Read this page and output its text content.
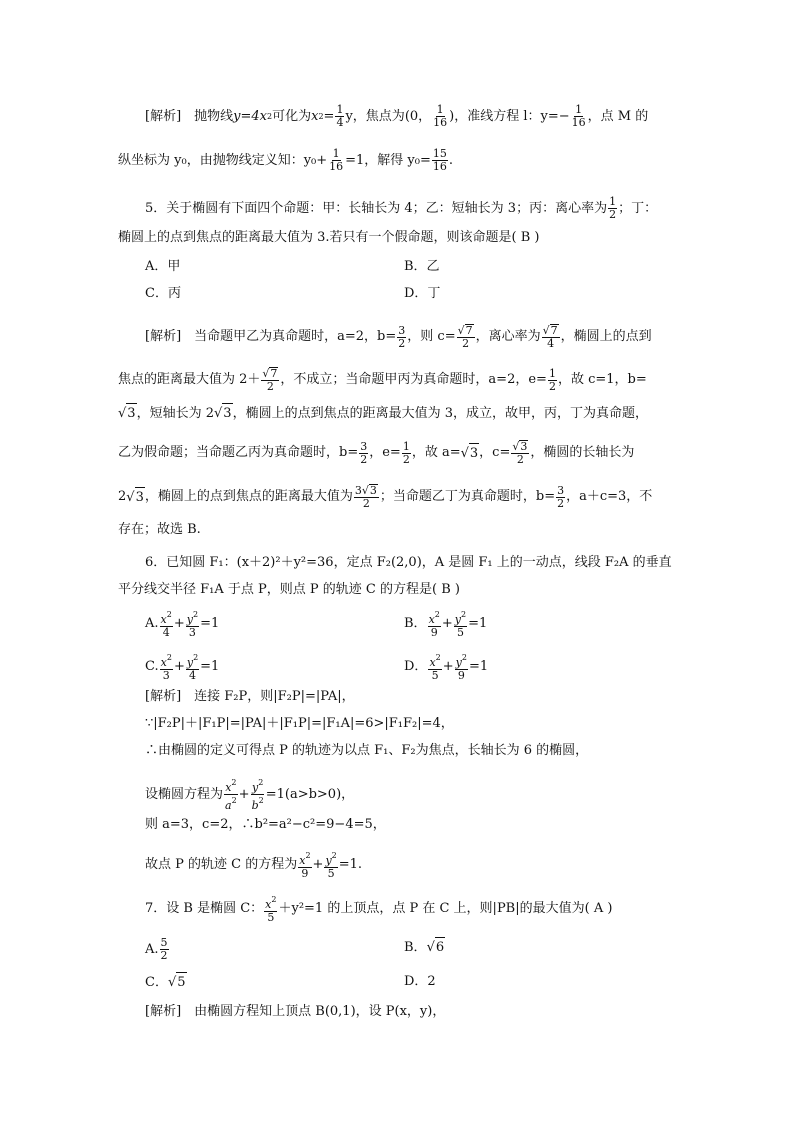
[解析]　抛物线 y=4x 2 可化为 x $2 = \frac{1}{4}$ y，焦点为 (0， $\frac{1}{16}$ ) ，准线方程 l：$y=- \frac{1}{16}$ ，点 M 的
纵坐标为 y₀，由抛物线定义知：$y_0+ \frac{1}{16} =1$，解得 $y_0= \frac{15}{16}$ .
5．关于椭圆有下面四个命题：甲：长轴长为 4；乙：短轴长为 3；丙：离心率为 $\frac{1}{2}$ ；丁：
椭圆上的点到焦点的距离最大值为 3.若只有一个假命题，则该命题是( B )
A．甲	B．乙
C．丙	D．丁
[解析]　当命题甲乙为真命题时，a=2，$b= \frac{3}{2}$ ，则 $c= \frac{√7}{2}$ ，离心率为 $\frac{√7}{4}$ ，椭圆上的点到
焦点的距离最大值为 $2+ \frac{√7}{2}$ ，不成立；当命题甲丙为真命题时，a=2，$e= \frac{1}{2}$ ，故 c=1，b=
√3 ，短轴长为 2 √3 ，椭圆上的点到焦点的距离最大值为 3，成立，故甲，丙，丁为真命题，
乙为假命题；当命题乙丙为真命题时，$b= \frac{3}{2}$ ，$e= \frac{1}{2}$ ，故 a= √3 ，$c= \frac{√3}{2}$ ，椭圆的长轴长为
2 √3 ，椭圆上的点到焦点的距离最大值为 $\frac{3√3}{2}$ ；当命题乙丁为真命题时，$b= \frac{3}{2}$ ，a＋c=3，不
存在；故选 B.
6．已知圆 F₁：(x＋2)²＋y²=36，定点 F₂(2,0)，A 是圆 F₁ 上的一动点，线段 F₂A 的垂直
平分线交半径 F₁A 于点 P，则点 P 的轨迹 C 的方程是( B )
A. $\frac{x^2}{4} + \frac{y^2}{3} =1$	B． $\frac{x^2}{9} + \frac{y^2}{5} =1$
C. $\frac{x^2}{3} + \frac{y^2}{4} =1$	D． $\frac{x^2}{5} + \frac{y^2}{9} =1$
[解析]　连接 F₂P，则|F₂P|=|PA|，
∵|F₂P|＋|F₁P|=|PA|＋|F₁P|=|F₁A|=6>|F₁F₂|=4，
∴由椭圆的定义可得点 P 的轨迹为以点 F₁、F₂为焦点，长轴长为 6 的椭圆，
设椭圆方程为 $\frac{x^2}{a^2} + \frac{y^2}{b^2} =1(a>b>0)$，
则 a=3，c=2，∴b²=a²−c²=9−4=5，
故点 P 的轨迹 C 的方程为 $\frac{x^2}{9} + \frac{y^2}{5} =1$.
7．设 B 是椭圆 C： $\frac{x^2}{5} +y^2=1$ 的上顶点，点 P 在 C 上，则|PB|的最大值为( A )
A. $\frac{5}{2}$	B． √6
C． √5	D．2
[解析]　由椭圆方程知上顶点 B(0,1)，设 P(x，y)，
